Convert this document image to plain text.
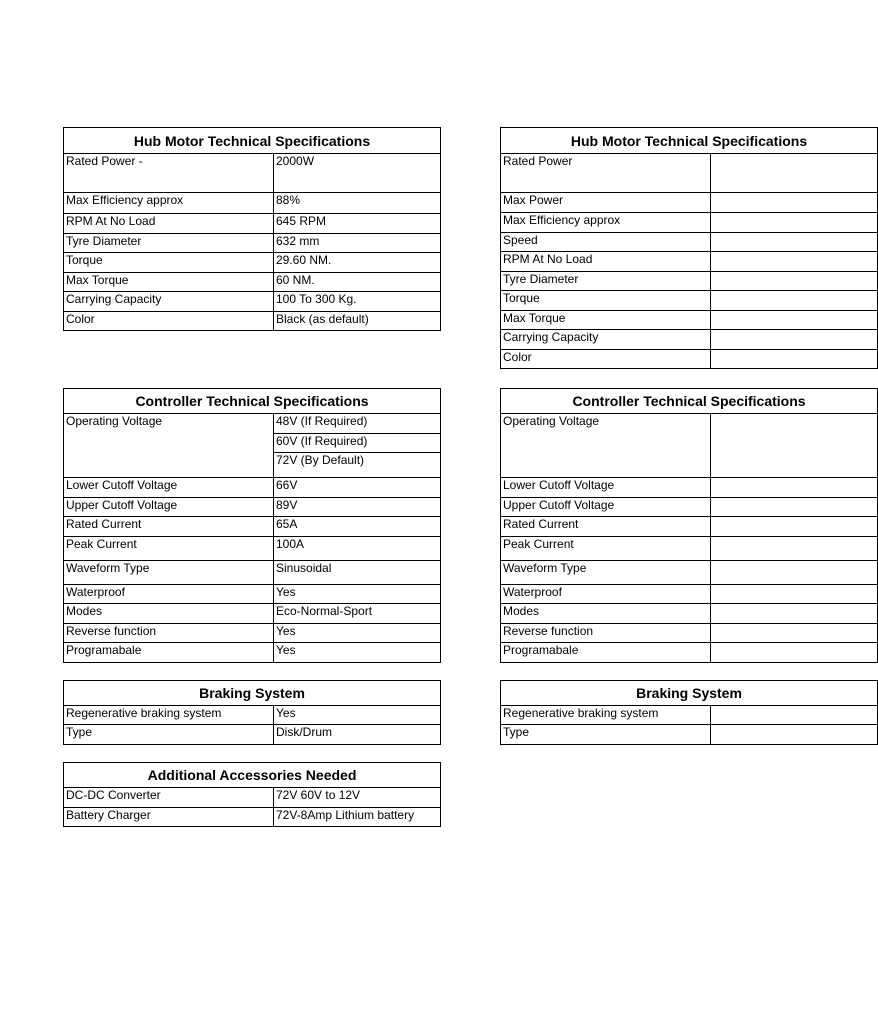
Hub Motor Technical Specifications	
Rated Power -	2000W
Max Efficiency approx	88%
RPM At No Load	645 RPM
Tyre Diameter	632 mm
Torque	29.60 NM.
Max Torque	60 NM.
Carrying Capacity	100 To 300 Kg.
Color	Black (as default)
Controller Technical Specifications	
Operating Voltage	48V (If Required)
	60V (If Required)
	72V (By Default)
Lower Cutoff Voltage	66V
Upper Cutoff Voltage	89V
Rated Current	65A
Peak Current	100A
Waveform Type	Sinusoidal
Waterproof	Yes
Modes	Eco-Normal-Sport
Reverse function	Yes
Programabale	Yes
Braking System	
Regenerative braking system	Yes
Type	Disk/Drum
Additional Accessories Needed	
DC-DC Converter	72V 60V to 12V
Battery Charger	72V-8Amp Lithium battery
Hub Motor Technical Specifications	
Rated Power	
Max Power	
Max Efficiency approx	
Speed	
RPM At No Load	
Tyre Diameter	
Torque	
Max Torque	
Carrying Capacity	
Color	
Controller Technical Specifications	
Operating Voltage	
Lower Cutoff Voltage	
Upper Cutoff Voltage	
Rated Current	
Peak Current	
Waveform Type	
Waterproof	
Modes	
Reverse function	
Programabale	
Braking System	
Regenerative braking system	
Type	
